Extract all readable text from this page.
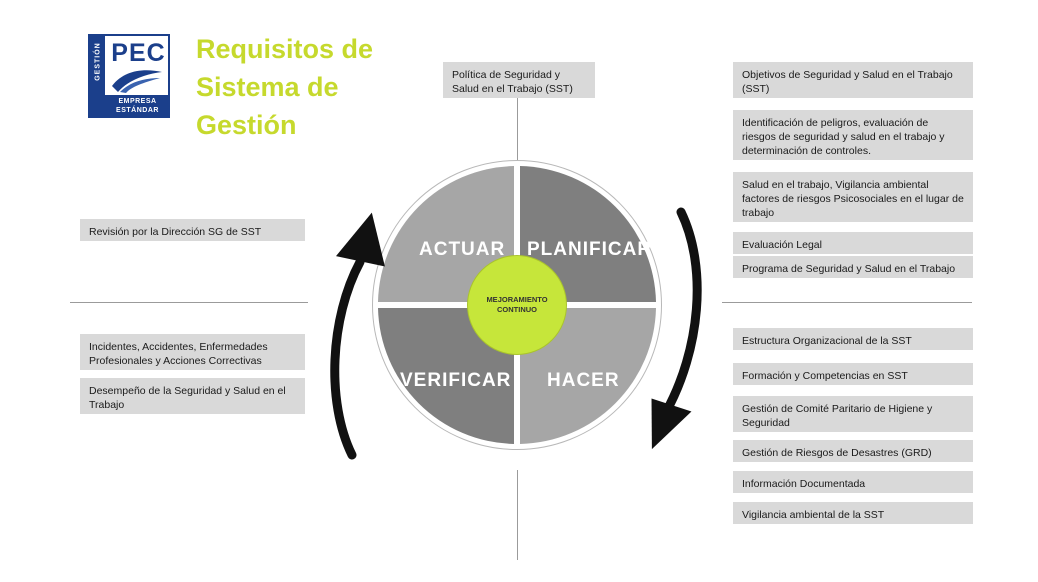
GESTIÓN PEC
EMPRESA
ESTÁNDAR
Requisitos de Sistema de Gestión
PLANIFICAR
HACER
VERIFICAR
ACTUAR
MEJORAMIENTO
CONTINUO
Política de Seguridad y Salud en el Trabajo (SST)
Objetivos de Seguridad y Salud en el Trabajo (SST)
Identificación de peligros, evaluación de riesgos de seguridad y salud en el trabajo y determinación de controles.
Salud en el trabajo, Vigilancia ambiental factores de riesgos Psicosociales en el lugar de trabajo
Evaluación Legal
Programa de Seguridad y Salud en el Trabajo
Estructura Organizacional de la SST
Formación y Competencias en SST
Gestión de Comité Paritario de Higiene y Seguridad
Gestión de Riesgos de Desastres (GRD)
Información Documentada
Vigilancia ambiental de la SST
Revisión por la Dirección SG de SST
Incidentes, Accidentes, Enfermedades Profesionales y Acciones Correctivas
Desempeño de la Seguridad y Salud en el Trabajo
